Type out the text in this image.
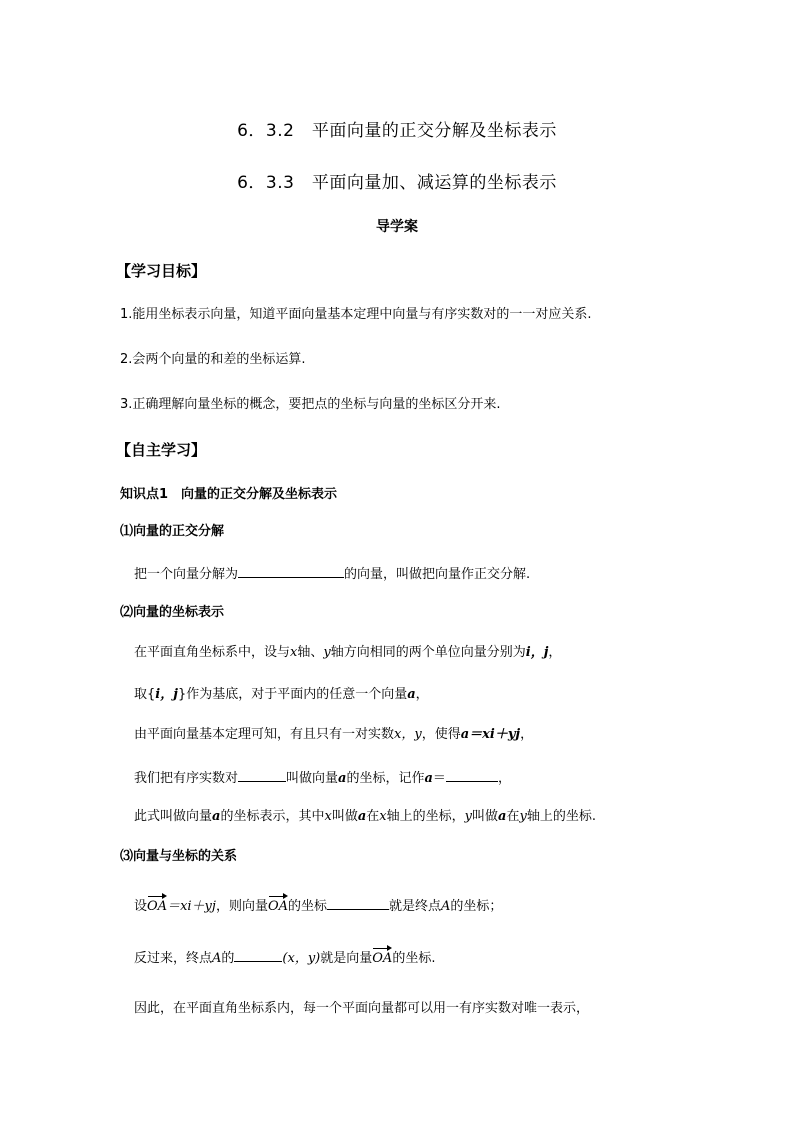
6．3.2　平面向量的正交分解及坐标表示
6．3.3　平面向量加、减运算的坐标表示
导学案
【学习目标】
1.能用坐标表示向量，知道平面向量基本定理中向量与有序实数对的一一对应关系.
2.会两个向量的和差的坐标运算.
3.正确理解向量坐标的概念，要把点的坐标与向量的坐标区分开来.
【自主学习】
知识点1　向量的正交分解及坐标表示
⑴向量的正交分解
把一个向量分解为	的向量，叫做把向量作正交分解.
⑵向量的坐标表示
在平面直角坐标系中，设与x轴、y轴方向相同的两个单位向量分别为i，j，
取{i，j}作为基底，对于平面内的任意一个向量a，
由平面向量基本定理可知，有且只有一对实数x，y，使得a＝xi＋yj，
我们把有序实数对	叫做向量a的坐标，记作a＝	，
此式叫做向量a的坐标表示，其中x叫做a在x轴上的坐标，y叫做a在y轴上的坐标.
⑶向量与坐标的关系
设OA＝xi＋yj，则向量OA的坐标	就是终点A的坐标；
反过来，终点A的	(x，y)就是向量OA的坐标.
因此，在平面直角坐标系内，每一个平面向量都可以用一有序实数对唯一表示，
